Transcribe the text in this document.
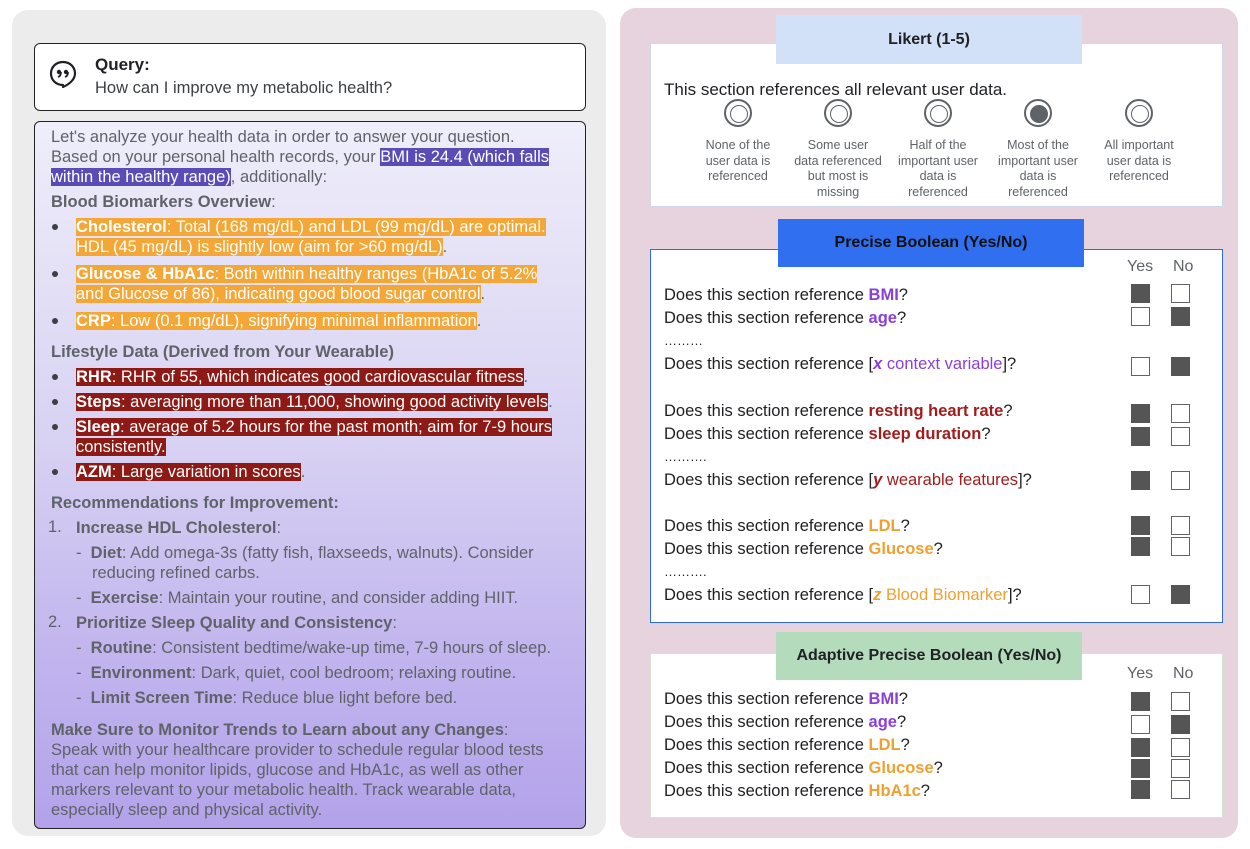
Query:
How can I improve my metabolic health?
Let's analyze your health data in order to answer your question.
Based on your personal health records, your BMI is 24.4 (which falls
within the healthy range), additionally:
Blood Biomarkers Overview:
Cholesterol: Total (168 mg/dL) and LDL (99 mg/dL) are optimal.
HDL (45 mg/dL) is slightly low (aim for >60 mg/dL).
Glucose & HbA1c: Both within healthy ranges (HbA1c of 5.2%
and Glucose of 86), indicating good blood sugar control.
CRP: Low (0.1 mg/dL), signifying minimal inflammation.
Lifestyle Data (Derived from Your Wearable)
RHR: RHR of 55, which indicates good cardiovascular fitness.
Steps: averaging more than 11,000, showing good activity levels.
Sleep: average of 5.2 hours for the past month; aim for 7-9 hours
consistently.
AZM: Large variation in scores.
Recommendations for Improvement:
1. Increase HDL Cholesterol:
- Diet: Add omega-3s (fatty fish, flaxseeds, walnuts). Consider
reducing refined carbs.
- Exercise: Maintain your routine, and consider adding HIIT.
2. Prioritize Sleep Quality and Consistency:
- Routine: Consistent bedtime/wake-up time, 7-9 hours of sleep.
- Environment: Dark, quiet, cool bedroom; relaxing routine.
- Limit Screen Time: Reduce blue light before bed.
Make Sure to Monitor Trends to Learn about any Changes:
Speak with your healthcare provider to schedule regular blood tests
that can help monitor lipids, glucose and HbA1c, as well as other
markers relevant to your metabolic health. Track wearable data,
especially sleep and physical activity.
Likert (1-5)
This section references all relevant user data.
None of the
user data is
referenced
Some user
data referenced
but most is
missing
Half of the
important user
data is
referenced
Most of the
important user
data is
referenced
All important
user data is
referenced
Precise Boolean (Yes/No)
Yes No
Does this section reference BMI?
Does this section reference age?
………
Does this section reference [x context variable]?
Does this section reference resting heart rate?
Does this section reference sleep duration?
……….
Does this section reference [y wearable features]?
Does this section reference LDL?
Does this section reference Glucose?
……….
Does this section reference [z Blood Biomarker]?
Adaptive Precise Boolean (Yes/No)
Yes No
Does this section reference BMI?
Does this section reference age?
Does this section reference LDL?
Does this section reference Glucose?
Does this section reference HbA1c?
